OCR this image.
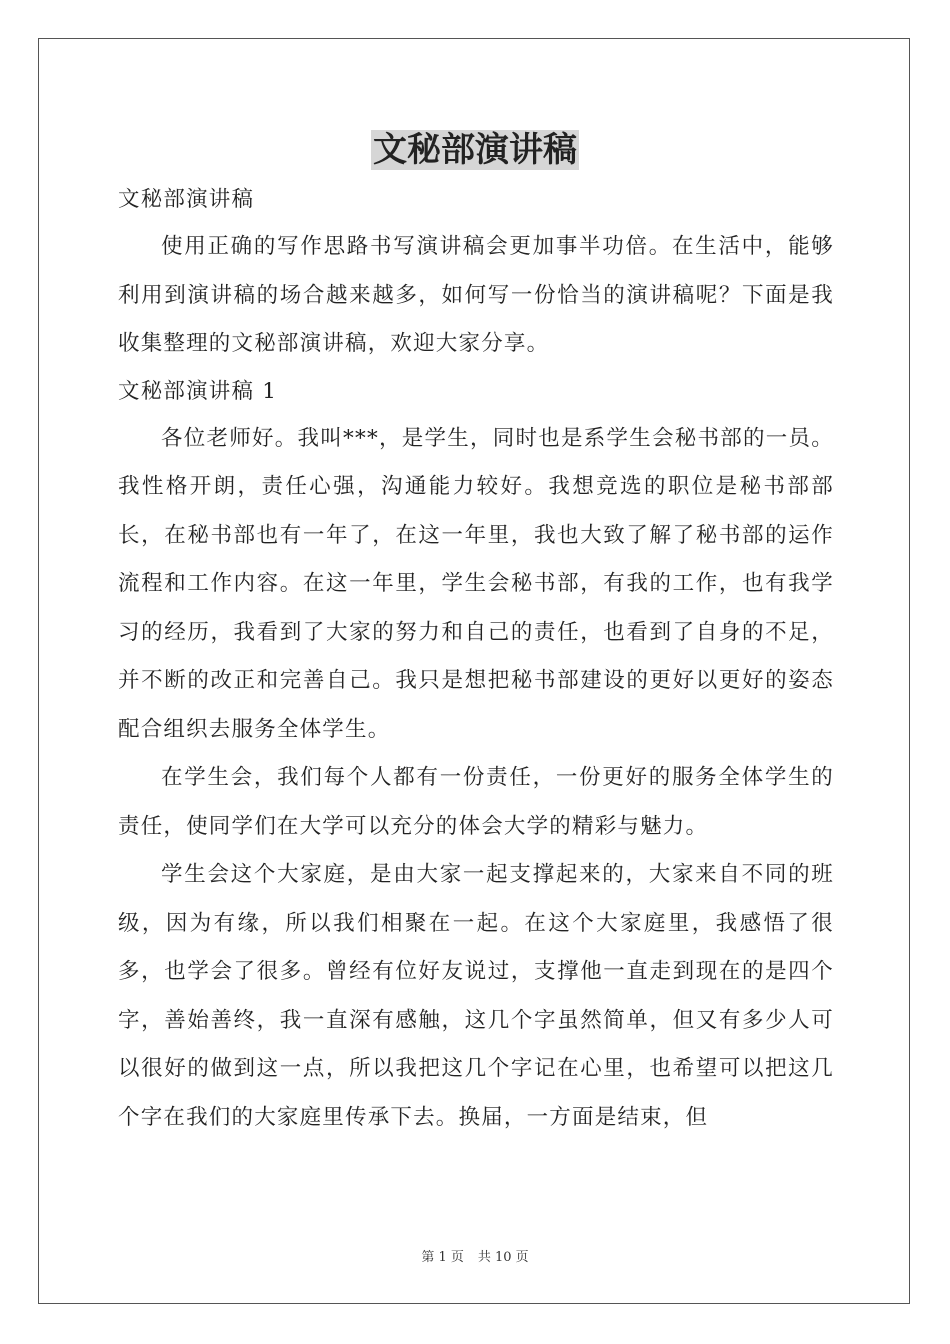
文秘部演讲稿

文秘部演讲稿

使用正确的写作思路书写演讲稿会更加事半功倍。在生活中，能够利用到演讲稿的场合越来越多，如何写一份恰当的演讲稿呢？下面是我收集整理的文秘部演讲稿，欢迎大家分享。

文秘部演讲稿 1

各位老师好。我叫***，是学生，同时也是系学生会秘书部的一员。我性格开朗，责任心强，沟通能力较好。我想竞选的职位是秘书部部长，在秘书部也有一年了，在这一年里，我也大致了解了秘书部的运作流程和工作内容。在这一年里，学生会秘书部，有我的工作，也有我学习的经历，我看到了大家的努力和自己的责任，也看到了自身的不足，并不断的改正和完善自己。我只是想把秘书部建设的更好以更好的姿态配合组织去服务全体学生。

在学生会，我们每个人都有一份责任，一份更好的服务全体学生的责任，使同学们在大学可以充分的体会大学的精彩与魅力。

学生会这个大家庭，是由大家一起支撑起来的，大家来自不同的班级，因为有缘，所以我们相聚在一起。在这个大家庭里，我感悟了很多，也学会了很多。曾经有位好友说过，支撑他一直走到现在的是四个字，善始善终，我一直深有感触，这几个字虽然简单，但又有多少人可以很好的做到这一点，所以我把这几个字记在心里，也希望可以把这几个字在我们的大家庭里传承下去。换届，一方面是结束，但

第 1 页 共 10 页
